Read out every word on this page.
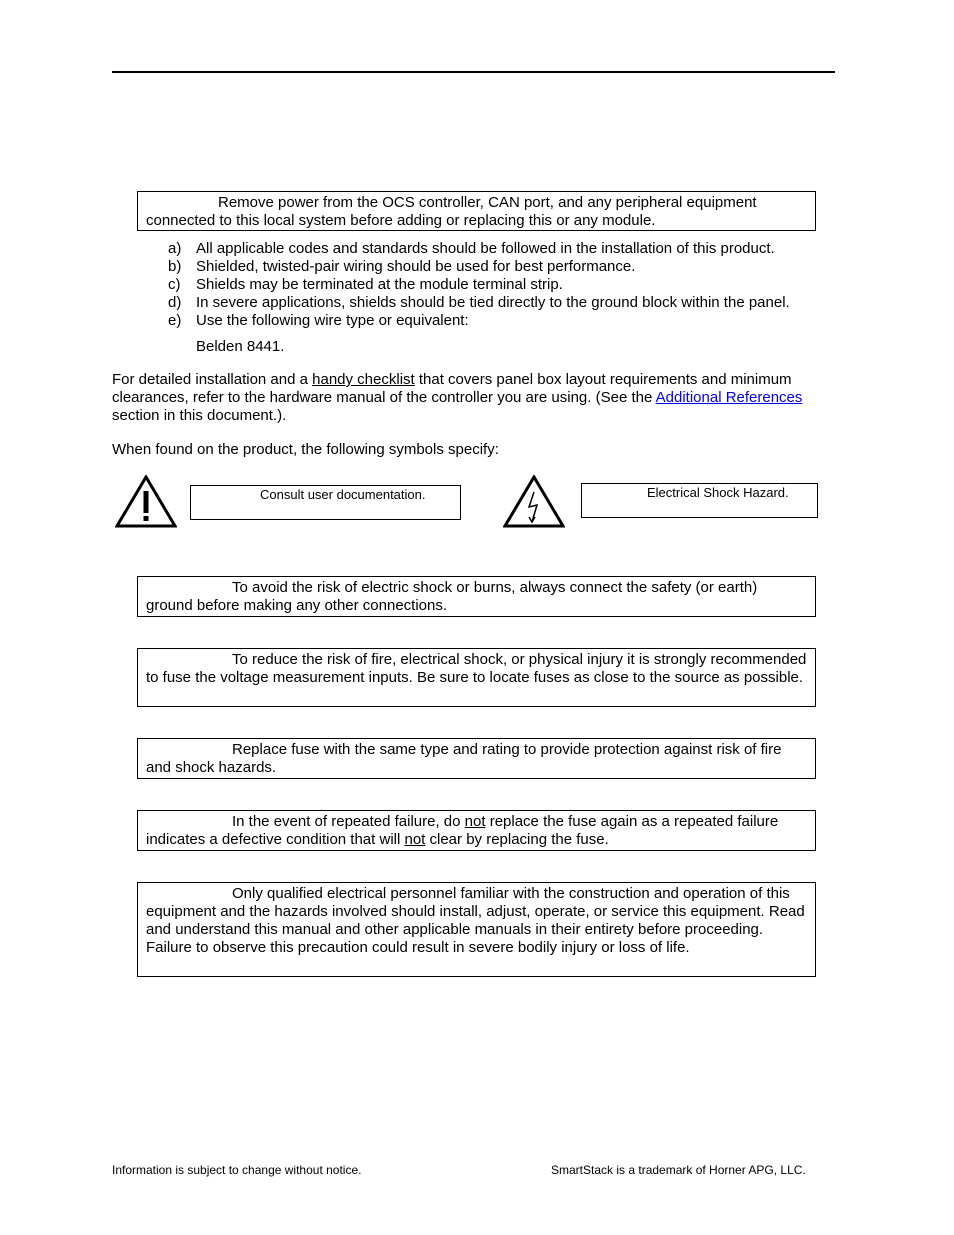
Remove power from the OCS controller, CAN port, and any peripheral equipment connected to this local system before adding or replacing this or any module.
a) All applicable codes and standards should be followed in the installation of this product.
b) Shielded, twisted-pair wiring should be used for best performance.
c)	Shields may be terminated at the module terminal strip.
d) In severe applications, shields should be tied directly to the ground block within the panel.
e) Use the following wire type or equivalent:
Belden 8441.
For detailed installation and a handy checklist that covers panel box layout requirements and minimum clearances, refer to the hardware manual of the controller you are using. (See the Additional References section in this document.).
When found on the product, the following symbols specify:
Consult user documentation.	Electrical Shock Hazard.
To avoid the risk of electric shock or burns, always connect the safety (or earth) ground before making any other connections.
To reduce the risk of fire, electrical shock, or physical injury it is strongly recommended to fuse the voltage measurement inputs. Be sure to locate fuses as close to the source as possible.
Replace fuse with the same type and rating to provide protection against risk of fire and shock hazards.
In the event of repeated failure, do not replace the fuse again as a repeated failure indicates a defective condition that will not clear by replacing the fuse.
Only qualified electrical personnel familiar with the construction and operation of this equipment and the hazards involved should install, adjust, operate, or service this equipment. Read and understand this manual and other applicable manuals in their entirety before proceeding. Failure to observe this precaution could result in severe bodily injury or loss of life.
Information is subject to change without notice.	SmartStack is a trademark of Horner APG, LLC.
